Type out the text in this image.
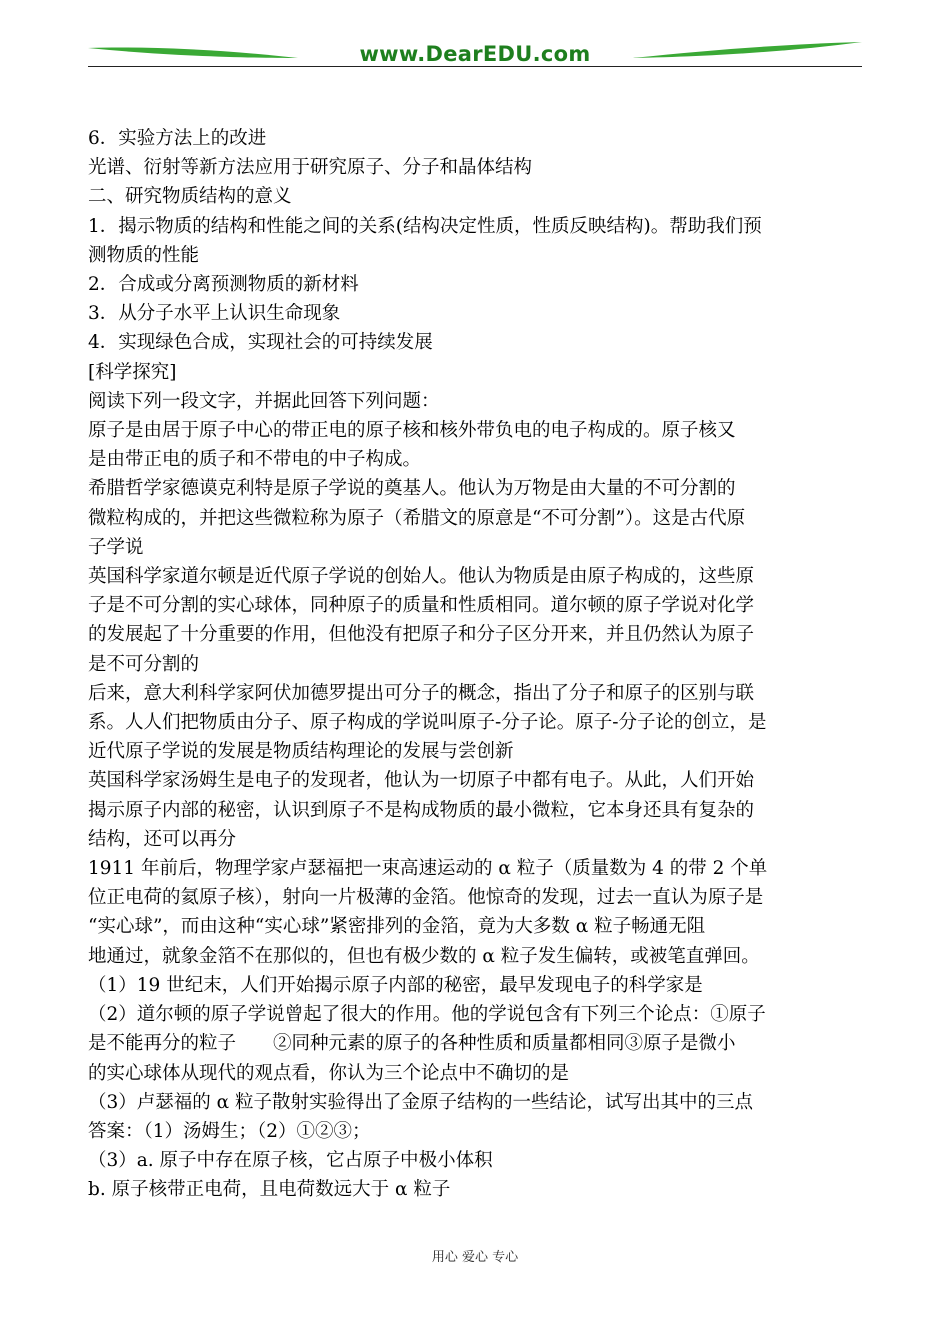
www.DearEDU.com

6．实验方法上的改进

光谱、衍射等新方法应用于研究原子、分子和晶体结构

二、研究物质结构的意义

1．揭示物质的结构和性能之间的关系(结构决定性质，性质反映结构)。帮助我们预

测物质的性能

2．合成或分离预测物质的新材料

3．从分子水平上认识生命现象

4．实现绿色合成，实现社会的可持续发展

[科学探究]

阅读下列一段文字，并据此回答下列问题：

原子是由居于原子中心的带正电的原子核和核外带负电的电子构成的。原子核又

是由带正电的质子和不带电的中子构成。

希腊哲学家德谟克利特是原子学说的奠基人。他认为万物是由大量的不可分割的

微粒构成的，并把这些微粒称为原子（希腊文的原意是“不可分割”）。这是古代原

子学说

英国科学家道尔顿是近代原子学说的创始人。他认为物质是由原子构成的，这些原

子是不可分割的实心球体，同种原子的质量和性质相同。道尔顿的原子学说对化学

的发展起了十分重要的作用，但他没有把原子和分子区分开来，并且仍然认为原子

是不可分割的

后来，意大利科学家阿伏加德罗提出可分子的概念，指出了分子和原子的区别与联

系。人人们把物质由分子、原子构成的学说叫原子-分子论。原子-分子论的创立，是

近代原子学说的发展是物质结构理论的发展与尝创新

英国科学家汤姆生是电子的发现者，他认为一切原子中都有电子。从此，人们开始

揭示原子内部的秘密，认识到原子不是构成物质的最小微粒，它本身还具有复杂的

结构，还可以再分

1911 年前后，物理学家卢瑟福把一束高速运动的 α 粒子（质量数为 4 的带 2 个单

位正电荷的氦原子核），射向一片极薄的金箔。他惊奇的发现，过去一直认为原子是

“实心球”，而由这种“实心球”紧密排列的金箔，竟为大多数 α 粒子畅通无阻

地通过，就象金箔不在那似的，但也有极少数的 α 粒子发生偏转，或被笔直弹回。

（1）19 世纪末，人们开始揭示原子内部的秘密，最早发现电子的科学家是

（2）道尔顿的原子学说曾起了很大的作用。他的学说包含有下列三个论点：①原子

是不能再分的粒子　　②同种元素的原子的各种性质和质量都相同③原子是微小

的实心球体从现代的观点看，你认为三个论点中不确切的是

（3）卢瑟福的 α 粒子散射实验得出了金原子结构的一些结论，试写出其中的三点

答案：（1）汤姆生；（2）①②③；

（3）a. 原子中存在原子核，它占原子中极小体积

b. 原子核带正电荷，且电荷数远大于 α 粒子

用心 爱心 专心
